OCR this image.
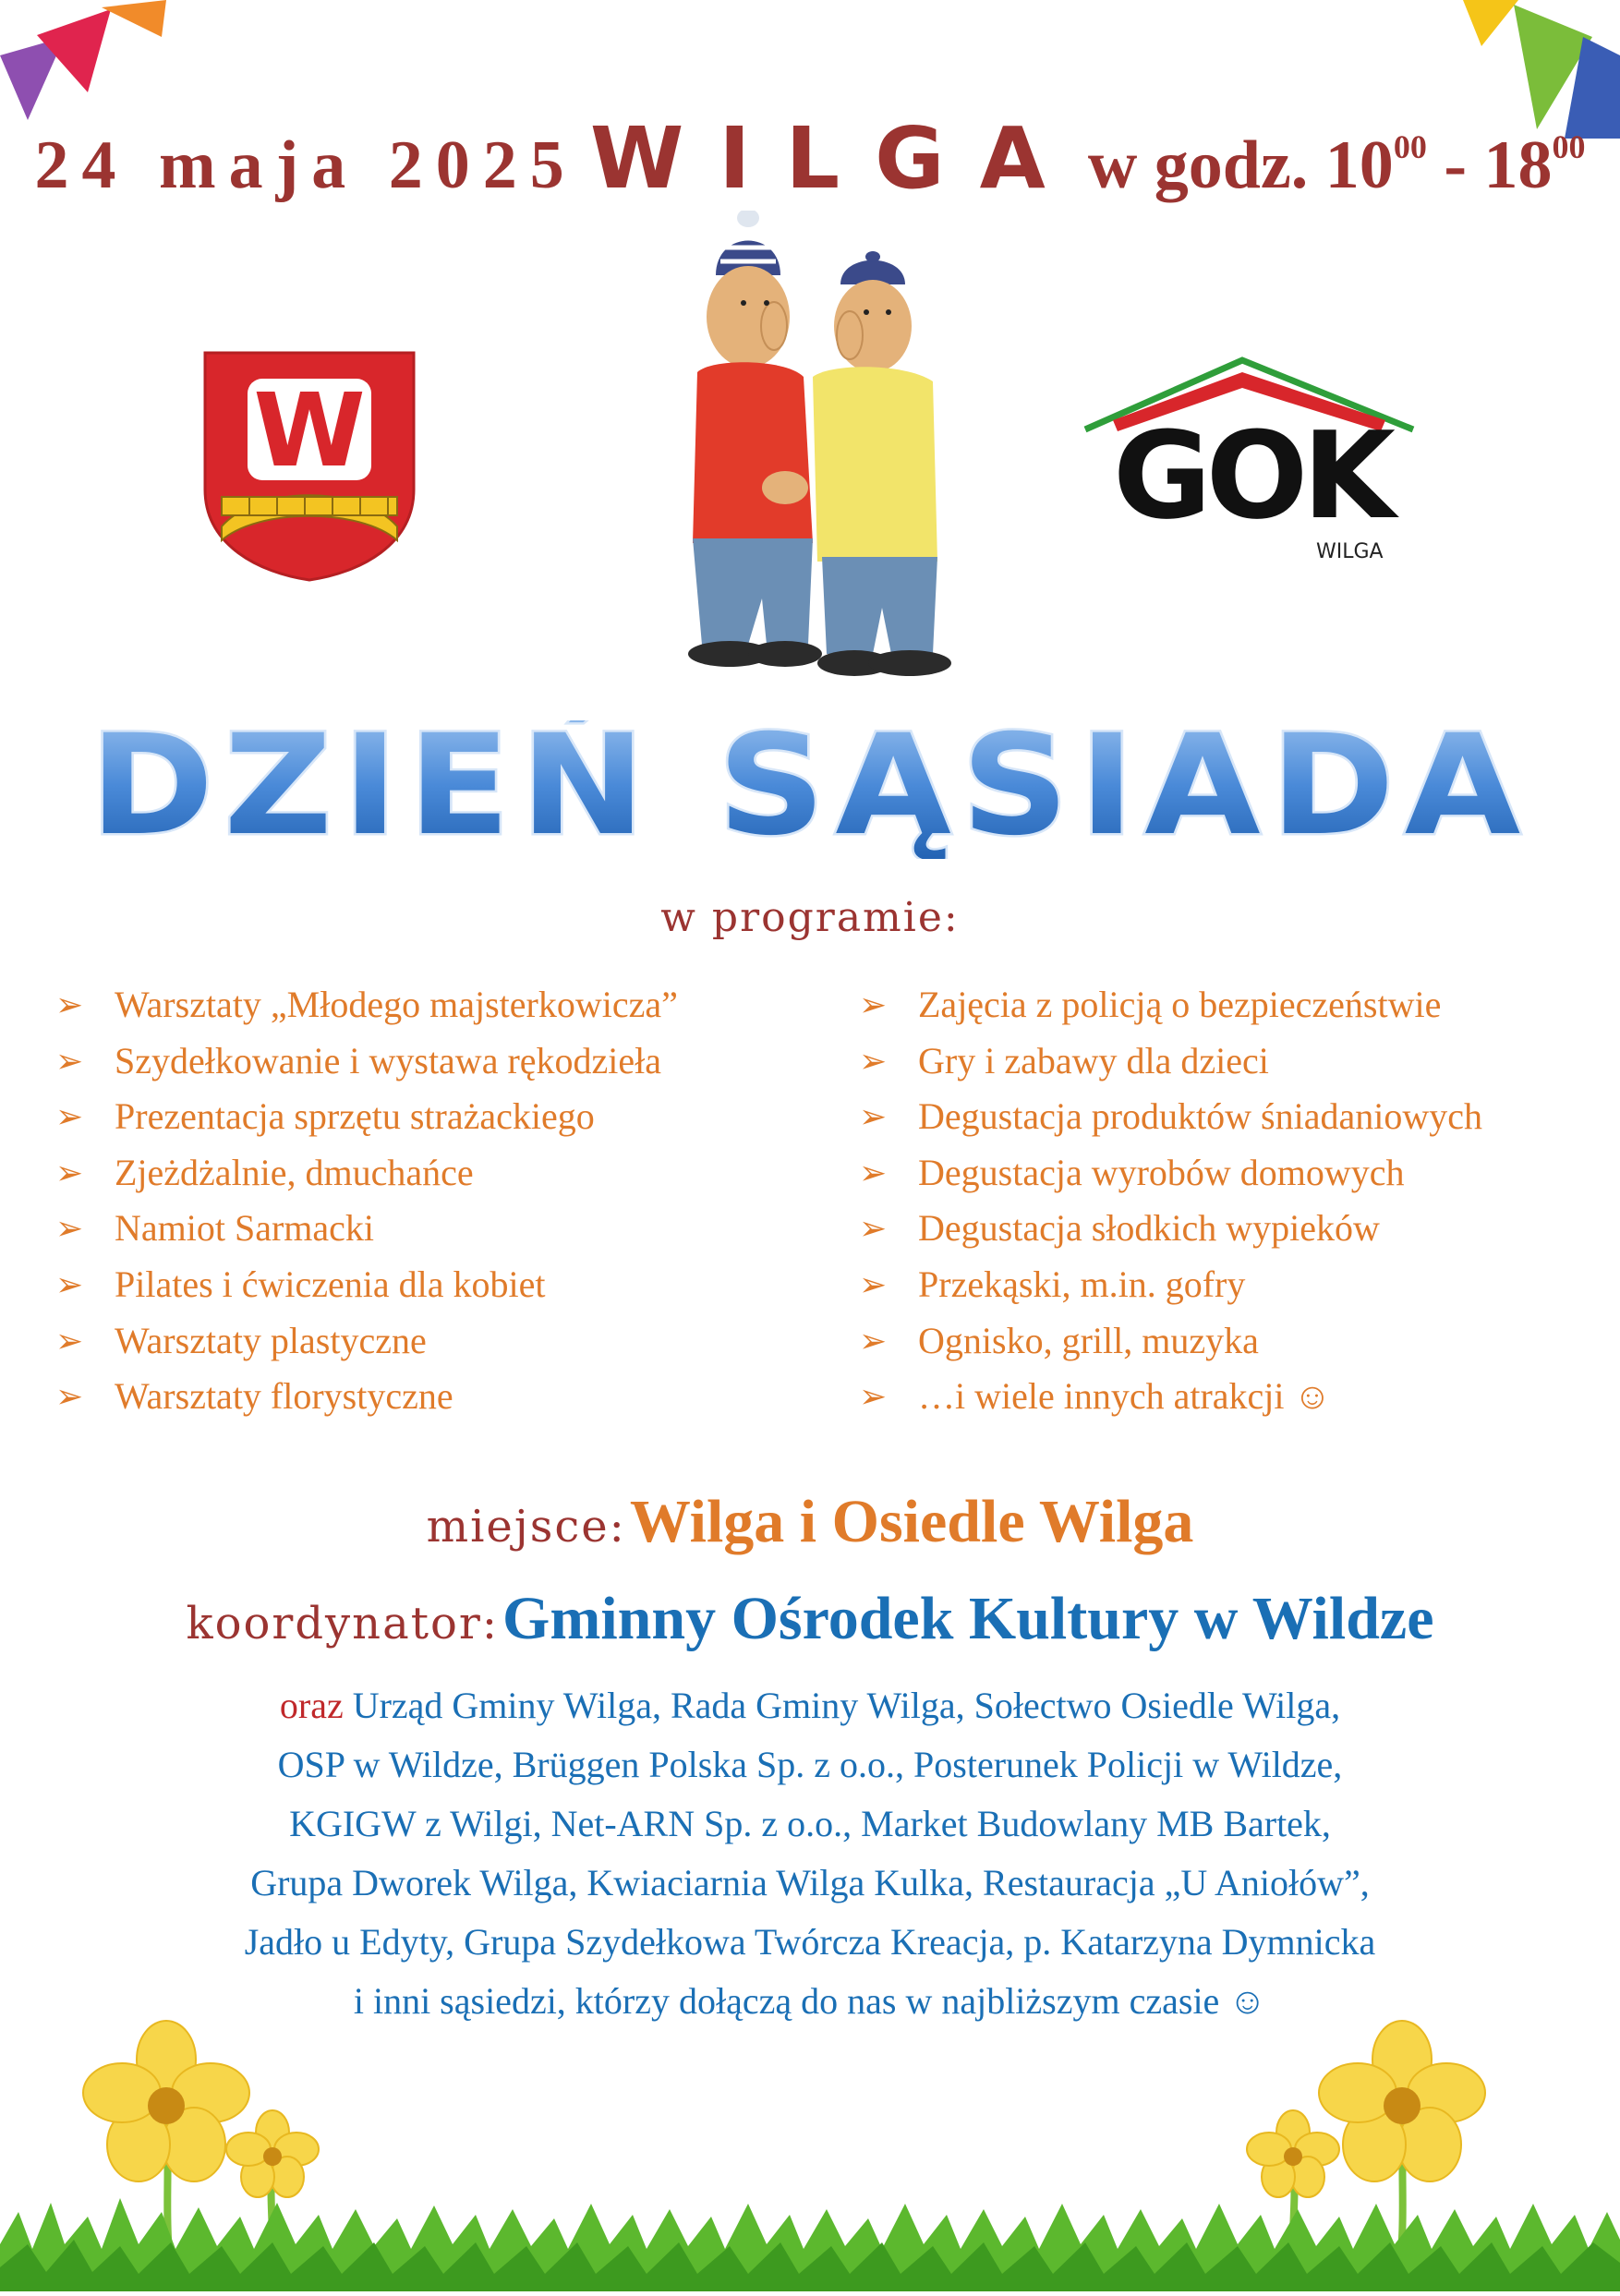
24 maja 2025 WILGA w godz. $10^{00} - 18^{00}$
W	GOK
WILGA
DZIEŃ SĄSIADA
w programie:
➢ Warsztaty „Młodego majsterkowicza”
➢ Szydełkowanie i wystawa rękodzieła
➢ Prezentacja sprzętu strażackiego
➢ Zjeżdżalnie, dmuchańce
➢ Namiot Sarmacki
➢ Pilates i ćwiczenia dla kobiet
➢ Warsztaty plastyczne
➢ Warsztaty florystyczne
➢ Zajęcia z policją o bezpieczeństwie
➢ Gry i zabawy dla dzieci
➢ Degustacja produktów śniadaniowych
➢ Degustacja wyrobów domowych
➢ Degustacja słodkich wypieków
➢ Przekąski, m.in. gofry
➢ Ognisko, grill, muzyka
➢ …i wiele innych atrakcji ☺
miejsce: Wilga i Osiedle Wilga
koordynator: Gminny Ośrodek Kultury w Wildze
oraz Urząd Gminy Wilga, Rada Gminy Wilga, Sołectwo Osiedle Wilga,
OSP w Wildze, Brüggen Polska Sp. z o.o., Posterunek Policji w Wildze,
KGIGW z Wilgi, Net-ARN Sp. z o.o., Market Budowlany MB Bartek,
Grupa Dworek Wilga, Kwiaciarnia Wilga Kulka, Restauracja „U Aniołów”,
Jadło u Edyty, Grupa Szydełkowa Twórcza Kreacja, p. Katarzyna Dymnicka
i inni sąsiedzi, którzy dołączą do nas w najbliższym czasie ☺
